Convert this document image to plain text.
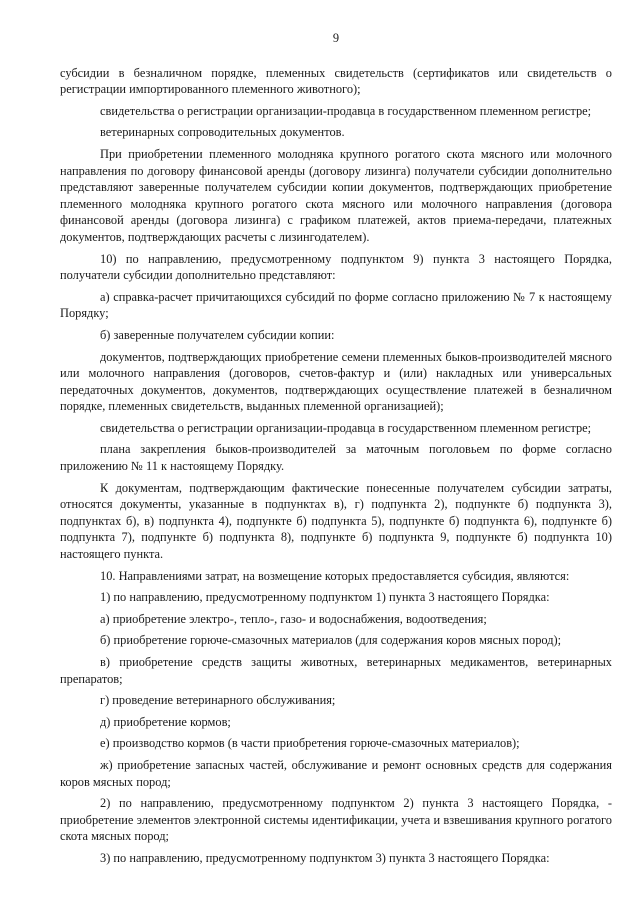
9

субсидии в безналичном порядке, племенных свидетельств (сертификатов или свидетельств о регистрации импортированного племенного животного);

свидетельства о регистрации организации-продавца в государственном племенном регистре;

ветеринарных сопроводительных документов.

При приобретении племенного молодняка крупного рогатого скота мясного или молочного направления по договору финансовой аренды (договору лизинга) получатели субсидии дополнительно представляют заверенные получателем субсидии копии документов, подтверждающих приобретение племенного молодняка крупного рогатого скота мясного или молочного направления (договора финансовой аренды (договора лизинга) с графиком платежей, актов приема-передачи, платежных документов, подтверждающих расчеты с лизингодателем).

10) по направлению, предусмотренному подпунктом 9) пункта 3 настоящего Порядка, получатели субсидии дополнительно представляют:

а) справка-расчет причитающихся субсидий по форме согласно приложению № 7 к настоящему Порядку;

б) заверенные получателем субсидии копии:

документов, подтверждающих приобретение семени племенных быков-производителей мясного или молочного направления (договоров, счетов-фактур и (или) накладных или универсальных передаточных документов, документов, подтверждающих осуществление платежей в безналичном порядке, племенных свидетельств, выданных племенной организацией);

свидетельства о регистрации организации-продавца в государственном племенном регистре;

плана закрепления быков-производителей за маточным поголовьем по форме согласно приложению № 11 к настоящему Порядку.

К документам, подтверждающим фактические понесенные получателем субсидии затраты, относятся документы, указанные в подпунктах в), г) подпункта 2), подпункте б) подпункта 3), подпунктах б), в) подпункта 4), подпункте б) подпункта 5), подпункте б) подпункта 6), подпункте б) подпункта 7), подпункте б) подпункта 8), подпункте б) подпункта 9, подпункте б) подпункта 10) настоящего пункта.

10. Направлениями затрат, на возмещение которых предоставляется субсидия, являются:

1) по направлению, предусмотренному подпунктом 1) пункта 3 настоящего Порядка:

а) приобретение электро-, тепло-, газо- и водоснабжения, водоотведения;

б) приобретение горюче-смазочных материалов (для содержания коров мясных пород);

в) приобретение средств защиты животных, ветеринарных медикаментов, ветеринарных препаратов;

г) проведение ветеринарного обслуживания;

д) приобретение кормов;

е) производство кормов (в части приобретения горюче-смазочных материалов);

ж) приобретение запасных частей, обслуживание и ремонт основных средств для содержания коров мясных пород;

2) по направлению, предусмотренному подпунктом 2) пункта 3 настоящего Порядка, - приобретение элементов электронной системы идентификации, учета и взвешивания крупного рогатого скота мясных пород;

3) по направлению, предусмотренному подпунктом 3) пункта 3 настоящего Порядка:
